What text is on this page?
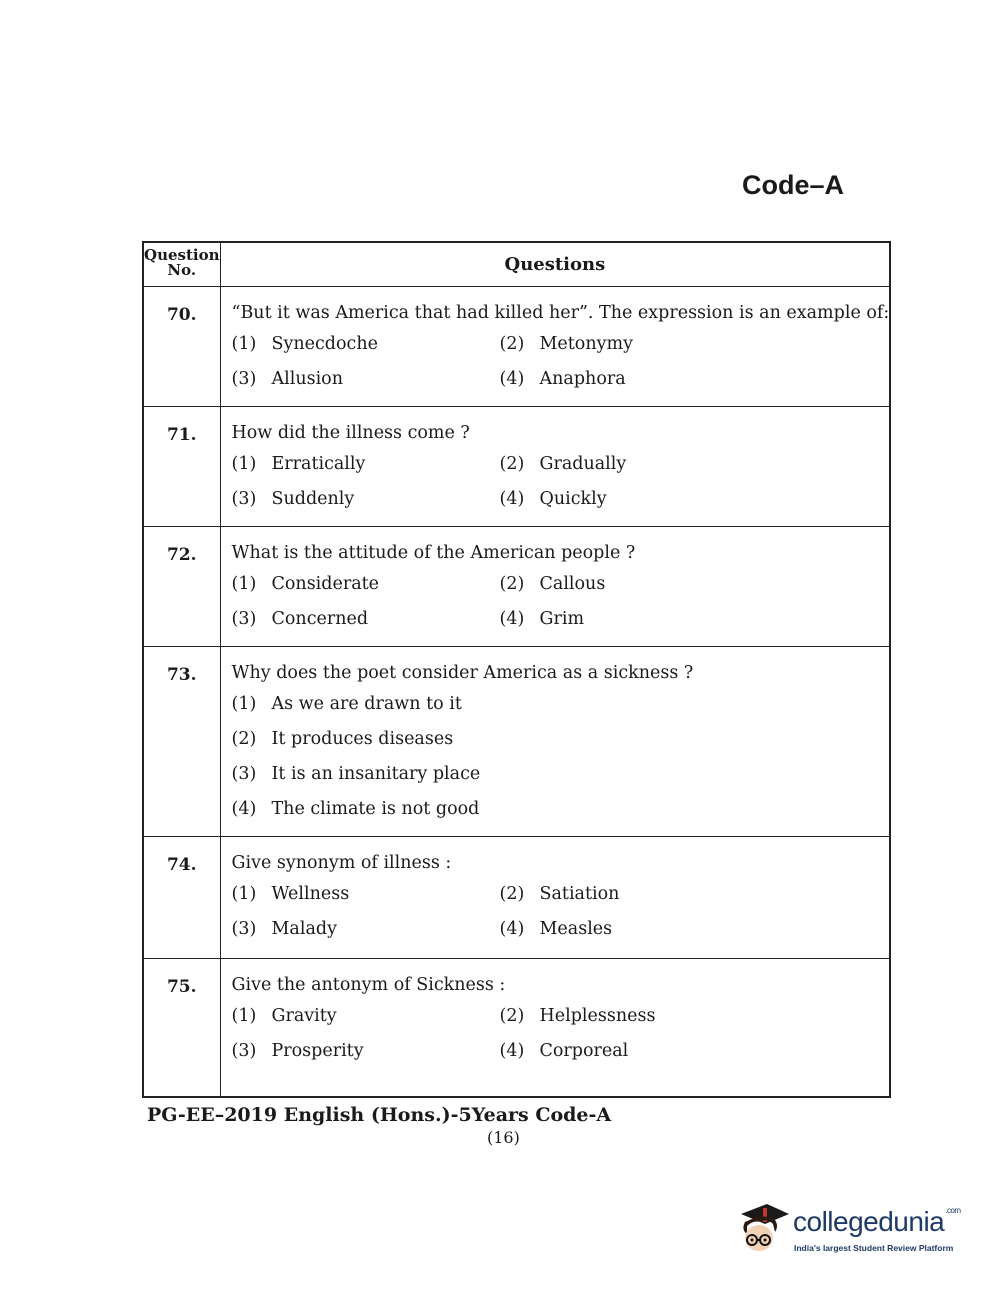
Code–A
Question
No.	Questions
70.	“But it was America that had killed her”. The expression is an example of:
(1) Synecdoche (2) Metonymy
(3) Allusion (4) Anaphora

71.	How did the illness come ?
(1) Erratically (2) Gradually
(3) Suddenly (4) Quickly

72.	What is the attitude of the American people ?
(1) Considerate (2) Callous
(3) Concerned (4) Grim

73.	Why does the poet consider America as a sickness ?
(1) As we are drawn to it
(2) It produces diseases
(3) It is an insanitary place
(4) The climate is not good

74.	Give synonym of illness :
(1) Wellness (2) Satiation
(3) Malady (4) Measles

75.	Give the antonym of Sickness :
(1) Gravity (2) Helplessness
(3) Prosperity (4) Corporeal
PG-EE–2019 English (Hons.)-5Years Code-A
(16)
collegedunia$^{.com}$
India's largest Student Review Platform
